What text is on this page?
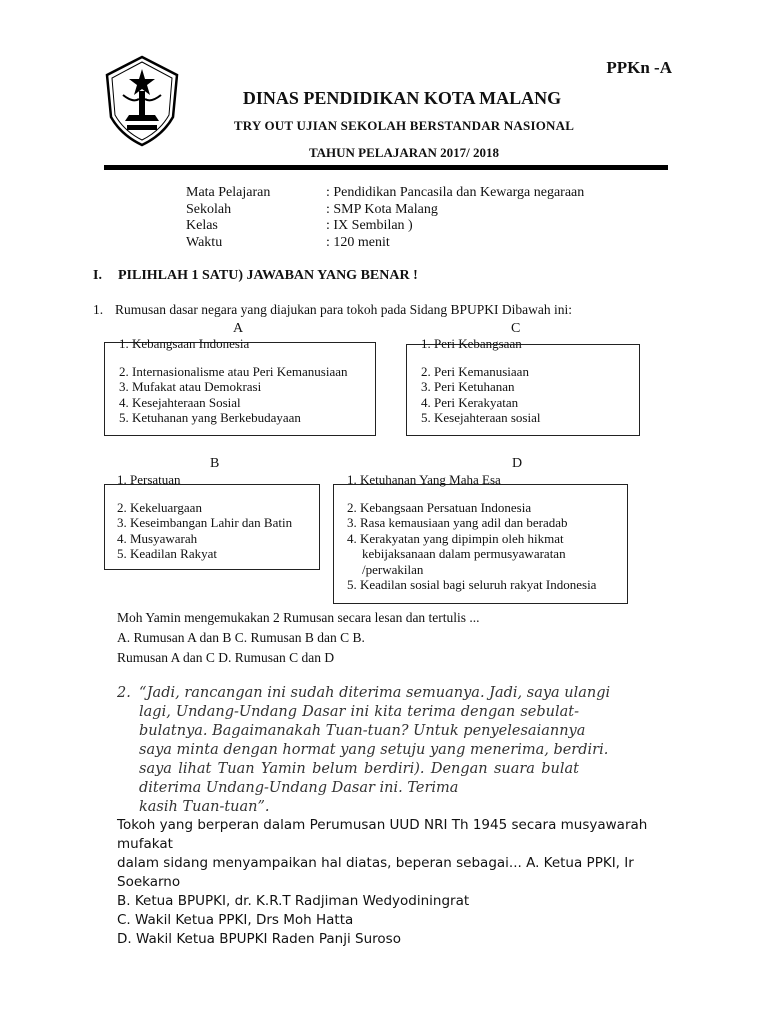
PPKn -A
DINAS PENDIDIKAN KOTA MALANG
TRY OUT UJIAN SEKOLAH BERSTANDAR NASIONAL
TAHUN PELAJARAN 2017/ 2018
Mata Pelajaran	: Pendidikan Pancasila dan Kewarga negaraan
Sekolah	: SMP Kota Malang
Kelas	: IX Sembilan )
Waktu	: 120 menit
I. PILIHLAH 1 SATU) JAWABAN YANG BENAR !
1. Rumusan dasar negara yang diajukan para tokoh pada Sidang BPUPKI Dibawah ini:
A	C
1. Kebangsaan Indonesia
2. Internasionalisme atau Peri Kemanusiaan
3. Mufakat atau Demokrasi
4. Kesejahteraan Sosial
5. Ketuhanan yang Berkebudayaan
1. Peri Kebangsaan
2. Peri Kemanusiaan
3. Peri Ketuhanan
4. Peri Kerakyatan
5. Kesejahteraan sosial
B	D
1. Persatuan
2. Kekeluargaan
3. Keseimbangan Lahir dan Batin
4. Musyawarah
5. Keadilan Rakyat
1. Ketuhanan Yang Maha Esa
2. Kebangsaan Persatuan Indonesia
3. Rasa kemausiaan yang adil dan beradab
4. Kerakyatan yang dipimpin oleh hikmat
kebijaksanaan dalam permusyawaratan
/perwakilan
5. Keadilan sosial bagi seluruh rakyat Indonesia
Moh Yamin mengemukakan 2 Rumusan secara lesan dan tertulis ...
A. Rumusan A dan B C. Rumusan B dan C B.
Rumusan A dan C D. Rumusan C dan D
2. “Jadi, rancangan ini sudah diterima semuanya. Jadi, saya ulangi
lagi, Undang-Undang Dasar ini kita terima dengan sebulat-
bulatnya. Bagaimanakah Tuan-tuan? Untuk penyelesaiannya
saya minta dengan hormat yang setuju yang menerima, berdiri.
saya lihat Tuan Yamin belum berdiri). Dengan suara bulat
diterima Undang-Undang Dasar ini. Terima
kasih Tuan-tuan”.
Tokoh yang berperan dalam Perumusan UUD NRI Th 1945 secara musyawarah mufakat
dalam sidang menyampaikan hal diatas, beperan sebagai... A. Ketua PPKI, Ir Soekarno
B. Ketua BPUPKI, dr. K.R.T Radjiman Wedyodiningrat
C. Wakil Ketua PPKI, Drs Moh Hatta
D. Wakil Ketua BPUPKI Raden Panji Suroso
